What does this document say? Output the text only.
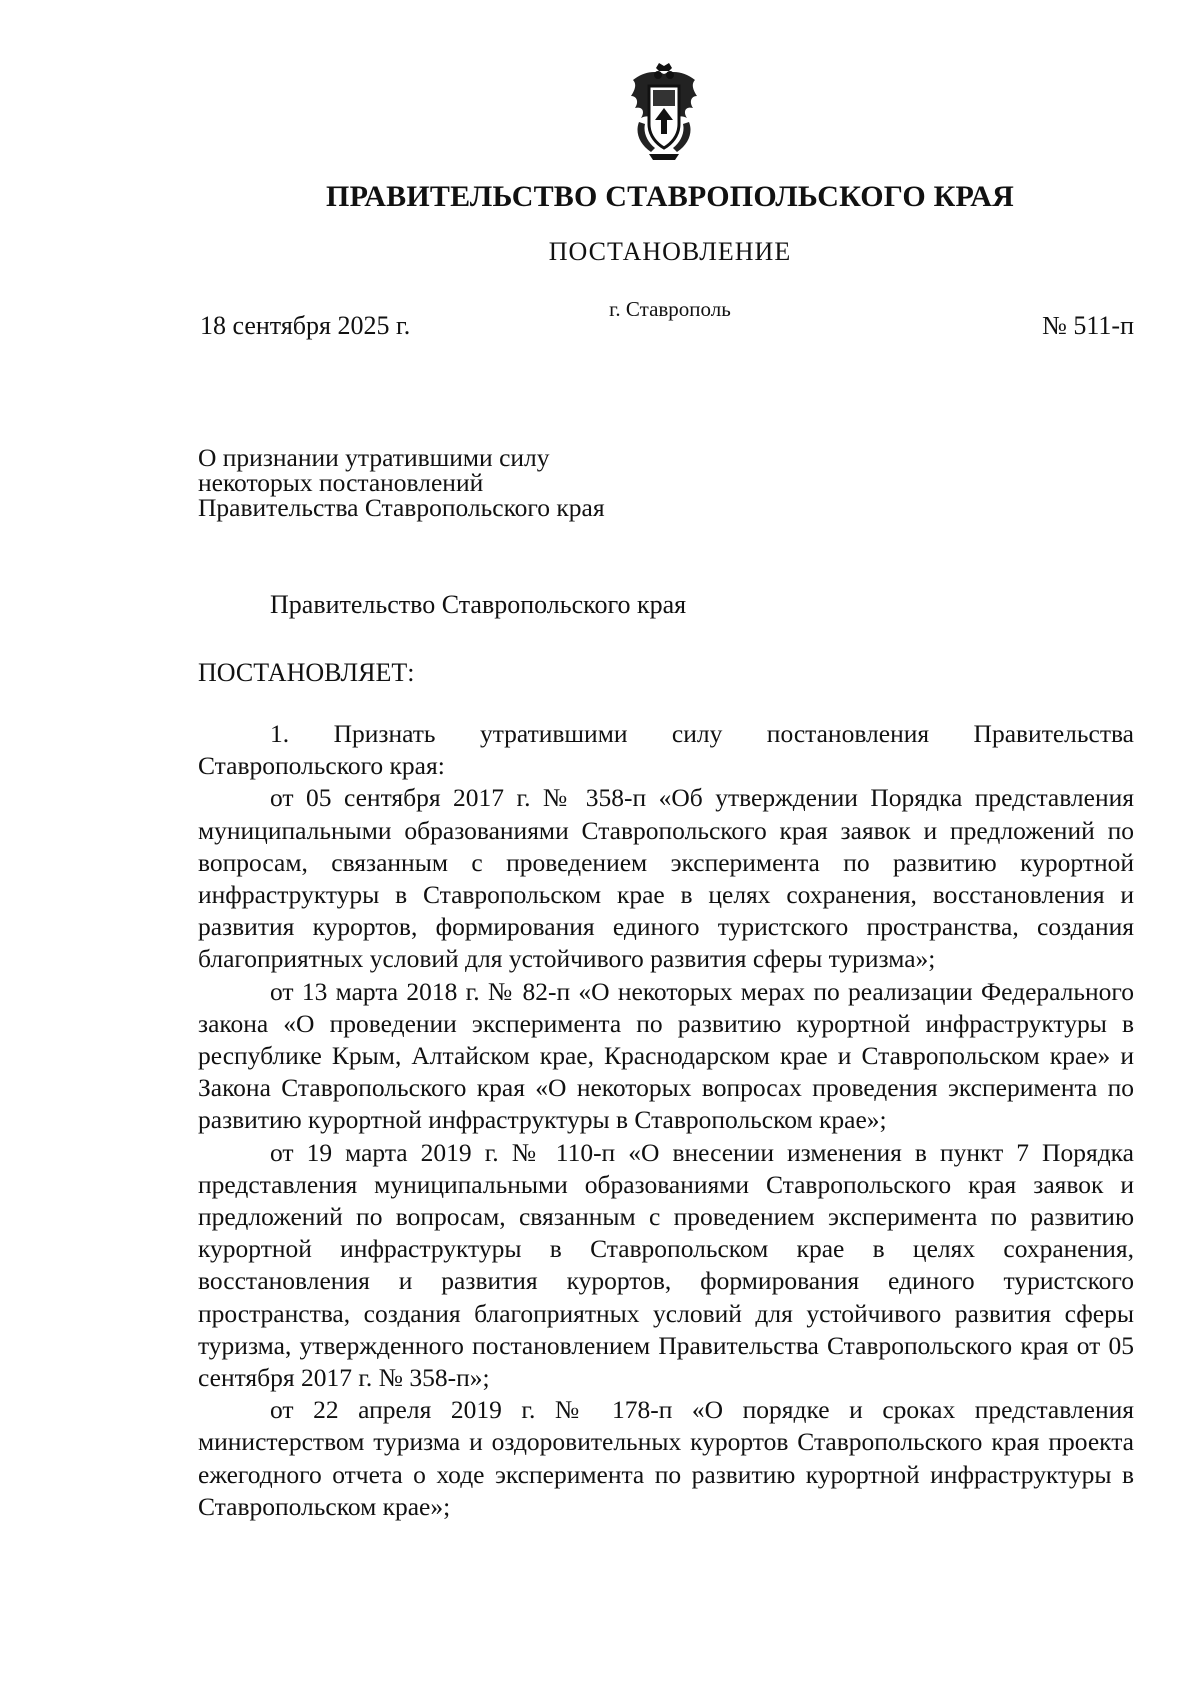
ПРАВИТЕЛЬСТВО СТАВРОПОЛЬСКОГО КРАЯ
ПОСТАНОВЛЕНИЕ
г. Ставрополь
18 сентября 2025 г.	№ 511-п
О признании утратившими силу
некоторых постановлений
Правительства Ставропольского края
Правительство Ставропольского края
ПОСТАНОВЛЯЕТ:

1. Признать утратившими силу постановления Правительства Ставропольского края:

от 05 сентября 2017 г. № 358-п «Об утверждении Порядка представления муниципальными образованиями Ставропольского края заявок и предложений по вопросам, связанным с проведением эксперимента по развитию курортной инфраструктуры в Ставропольском крае в целях сохранения, восстановления и развития курортов, формирования единого туристского пространства, создания благоприятных условий для устойчивого развития сферы туризма»;

от 13 марта 2018 г. № 82-п «О некоторых мерах по реализации Федерального закона «О проведении эксперимента по развитию курортной инфраструктуры в республике Крым, Алтайском крае, Краснодарском крае и Ставропольском крае» и Закона Ставропольского края «О некоторых вопросах проведения эксперимента по развитию курортной инфраструктуры в Ставропольском крае»;

от 19 марта 2019 г. № 110-п «О внесении изменения в пункт 7 Порядка представления муниципальными образованиями Ставропольского края заявок и предложений по вопросам, связанным с проведением эксперимента по развитию курортной инфраструктуры в Ставропольском крае в целях сохранения, восстановления и развития курортов, формирования единого туристского пространства, создания благоприятных условий для устойчивого развития сферы туризма, утвержденного постановлением Правительства Ставропольского края от 05 сентября 2017 г. № 358-п»;

от 22 апреля 2019 г. № 178-п «О порядке и сроках представления министерством туризма и оздоровительных курортов Ставропольского края проекта ежегодного отчета о ходе эксперимента по развитию курортной инфраструктуры в Ставропольском крае»;
